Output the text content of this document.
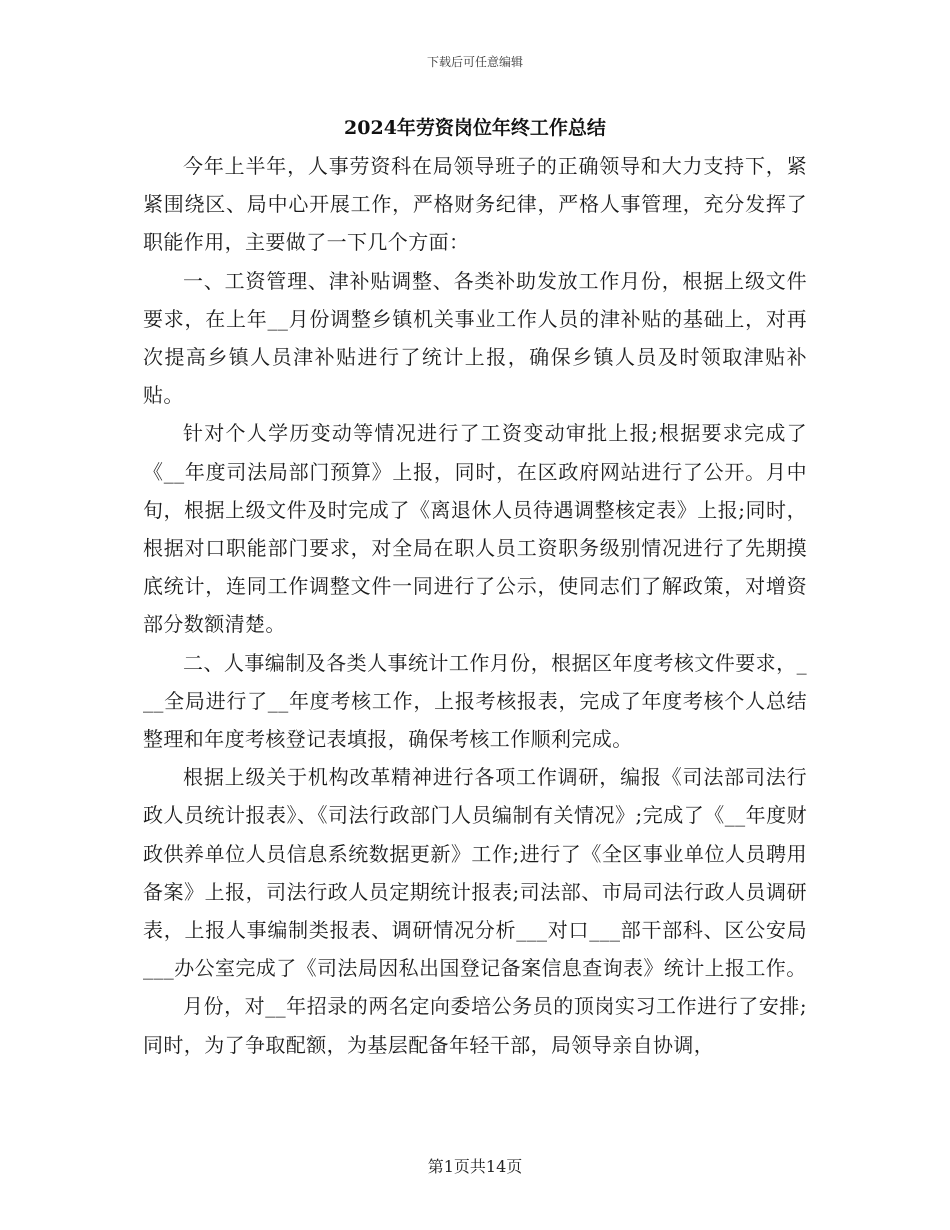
下载后可任意编辑
2024年劳资岗位年终工作总结

今年上半年，人事劳资科在局领导班子的正确领导和大力支持下，紧紧围绕区、局中心开展工作，严格财务纪律，严格人事管理，充分发挥了职能作用，主要做了一下几个方面：

一、工资管理、津补贴调整、各类补助发放工作月份，根据上级文件要求，在上年__月份调整乡镇机关事业工作人员的津补贴的基础上，对再次提高乡镇人员津补贴进行了统计上报，确保乡镇人员及时领取津贴补贴。

针对个人学历变动等情况进行了工资变动审批上报;根据要求完成了《__年度司法局部门预算》上报，同时，在区政府网站进行了公开。月中旬，根据上级文件及时完成了《离退休人员待遇调整核定表》上报;同时，根据对口职能部门要求，对全局在职人员工资职务级别情况进行了先期摸底统计，连同工作调整文件一同进行了公示，使同志们了解政策，对增资部分数额清楚。

二、人事编制及各类人事统计工作月份，根据区年度考核文件要求，___全局进行了__年度考核工作，上报考核报表，完成了年度考核个人总结整理和年度考核登记表填报，确保考核工作顺利完成。

根据上级关于机构改革精神进行各项工作调研，编报《司法部司法行政人员统计报表》、《司法行政部门人员编制有关情况》;完成了《__年度财政供养单位人员信息系统数据更新》工作;进行了《全区事业单位人员聘用备案》上报，司法行政人员定期统计报表;司法部、市局司法行政人员调研表，上报人事编制类报表、调研情况分析___对口___部干部科、区公安局___办公室完成了《司法局因私出国登记备案信息查询表》统计上报工作。

月份，对__年招录的两名定向委培公务员的顶岗实习工作进行了安排;同时，为了争取配额，为基层配备年轻干部，局领导亲自协调，

第1页共14页
